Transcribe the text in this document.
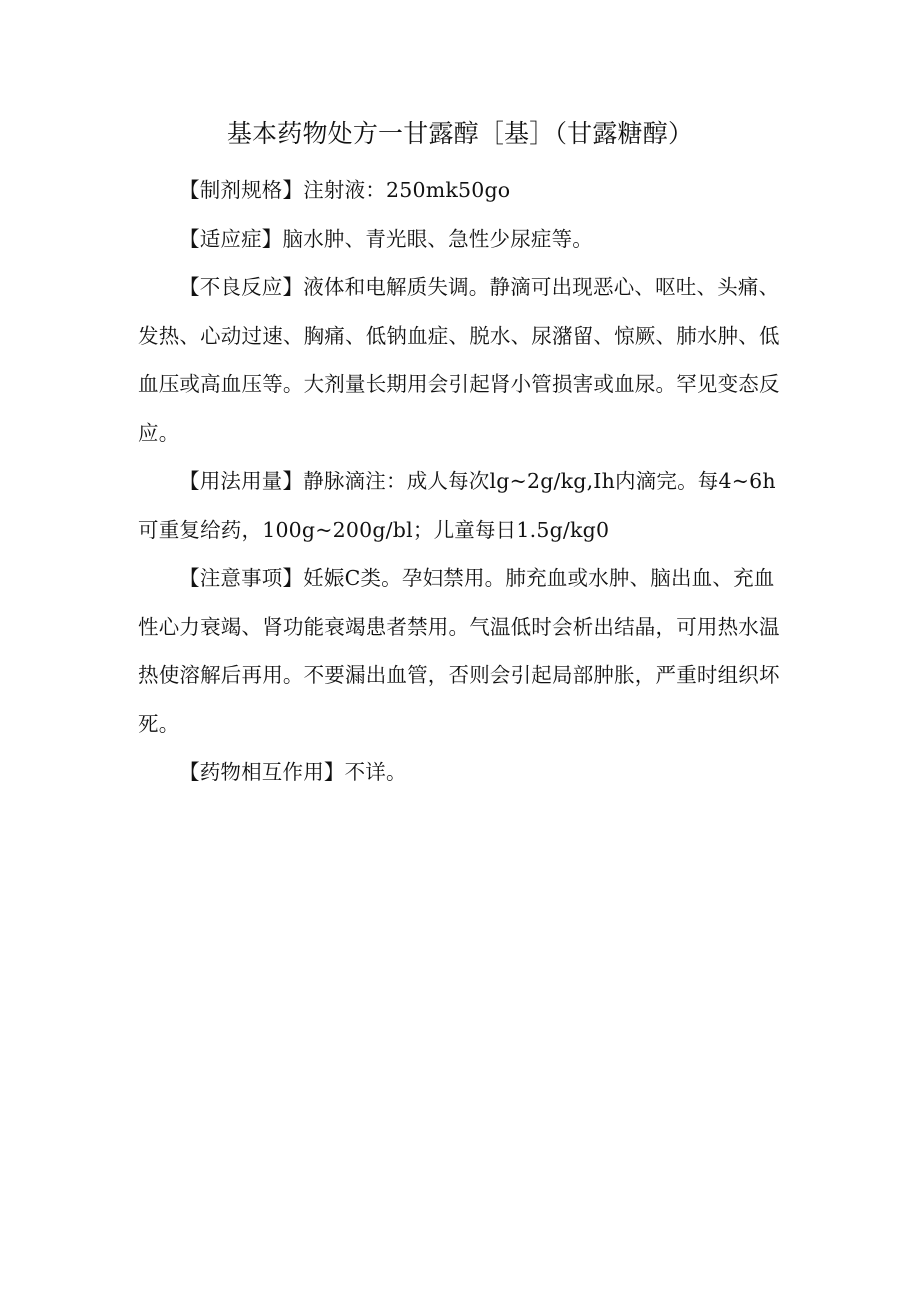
基本药物处方一甘露醇［基］（甘露糖醇）

【制剂规格】注射液：250mk50go

【适应症】脑水肿、青光眼、急性少尿症等。

【不良反应】液体和电解质失调。静滴可出现恶心、呕吐、头痛、发热、心动过速、胸痛、低钠血症、脱水、尿潴留、惊厥、肺水肿、低血压或高血压等。大剂量长期用会引起肾小管损害或血尿。罕见变态反应。

【用法用量】静脉滴注：成人每次lg~2g∕kg,Ih内滴完。每4~6h可重复给药，100g~200g∕bl；儿童每日1.5g∕kg0

【注意事项】妊娠C类。孕妇禁用。肺充血或水肿、脑出血、充血性心力衰竭、肾功能衰竭患者禁用。气温低时会析出结晶，可用热水温热使溶解后再用。不要漏出血管，否则会引起局部肿胀，严重时组织坏死。

【药物相互作用】不详。
